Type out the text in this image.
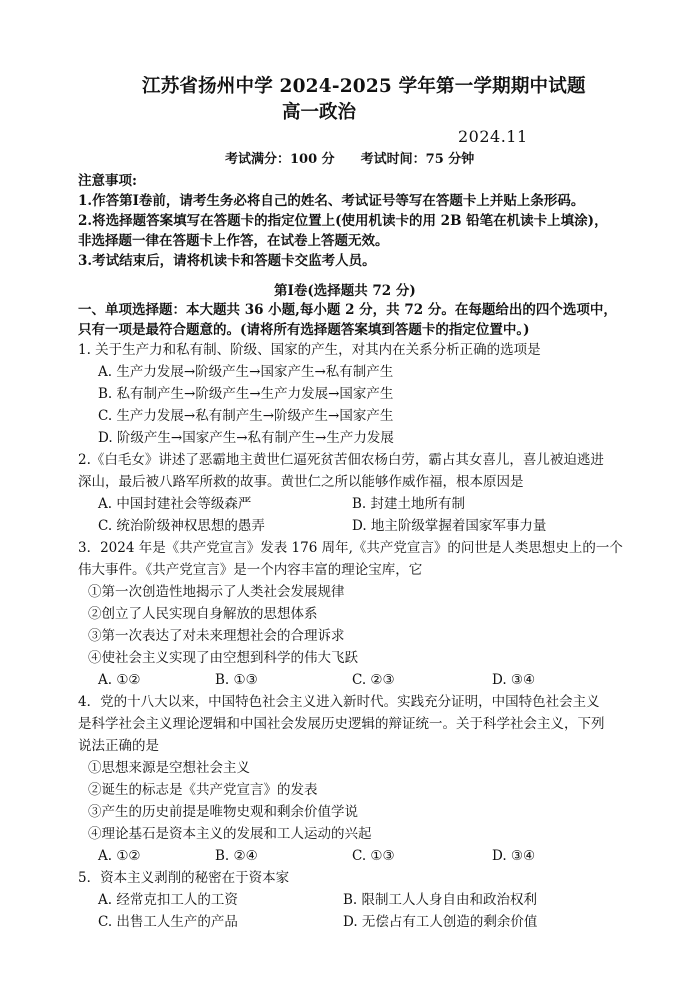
江苏省扬州中学 2024-2025 学年第一学期期中试题
高一政治
2024.11
考试满分：100 分　　考试时间：75 分钟
注意事项:
1.作答第Ⅰ卷前，请考生务必将自己的姓名、考试证号等写在答题卡上并贴上条形码。
2.将选择题答案填写在答题卡的指定位置上(使用机读卡的用 2B 铅笔在机读卡上填涂)，
非选择题一律在答题卡上作答，在试卷上答题无效。
3.考试结束后，请将机读卡和答题卡交监考人员。
第Ⅰ卷(选择题共 72 分)
一、单项选择题：本大题共 36 小题,每小题 2 分，共 72 分。在每题给出的四个选项中，
只有一项是最符合题意的。(请将所有选择题答案填到答题卡的指定位置中。)
1. 关于生产力和私有制、阶级、国家的产生，对其内在关系分析正确的选项是
A. 生产力发展→阶级产生→国家产生→私有制产生
B. 私有制产生→阶级产生→生产力发展→国家产生
C. 生产力发展→私有制产生→阶级产生→国家产生
D. 阶级产生→国家产生→私有制产生→生产力发展
2.《白毛女》讲述了恶霸地主黄世仁逼死贫苦佃农杨白劳，霸占其女喜儿，喜儿被迫逃进
深山，最后被八路军所救的故事。黄世仁之所以能够作威作福，根本原因是
A. 中国封建社会等级森严	B. 封建土地所有制
C. 统治阶级神权思想的愚弄	D. 地主阶级掌握着国家军事力量
3．2024 年是《共产党宣言》发表 176 周年,《共产党宣言》的问世是人类思想史上的一个
伟大事件。《共产党宣言》是一个内容丰富的理论宝库，它
①第一次创造性地揭示了人类社会发展规律
②创立了人民实现自身解放的思想体系
③第一次表达了对未来理想社会的合理诉求
④使社会主义实现了由空想到科学的伟大飞跃
A. ①②	B. ①③	C. ②③	D. ③④
4．党的十八大以来，中国特色社会主义进入新时代。实践充分证明，中国特色社会主义
是科学社会主义理论逻辑和中国社会发展历史逻辑的辩证统一。关于科学社会主义，下列
说法正确的是
①思想来源是空想社会主义
②诞生的标志是《共产党宣言》的发表
③产生的历史前提是唯物史观和剩余价值学说
④理论基石是资本主义的发展和工人运动的兴起
A. ①②	B. ②④	C. ①③	D. ③④
5．资本主义剥削的秘密在于资本家
A. 经常克扣工人的工资	B. 限制工人人身自由和政治权利
C. 出售工人生产的产品	D. 无偿占有工人创造的剩余价值
